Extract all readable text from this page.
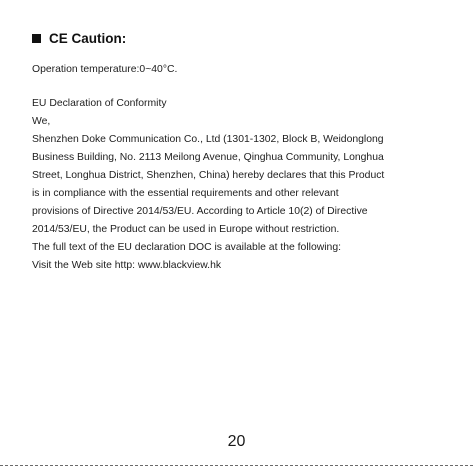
CE Caution:
Operation temperature:0~40°C.
EU Declaration of Conformity
We,
Shenzhen Doke Communication Co., Ltd (1301-1302, Block B, Weidonglong
Business Building, No. 2113 Meilong Avenue, Qinghua Community, Longhua
Street, Longhua District, Shenzhen, China) hereby declares that this Product
is in compliance with the essential requirements and other relevant
provisions of Directive 2014/53/EU. According to Article 10(2) of Directive
2014/53/EU, the Product can be used in Europe without restriction.
The full text of the EU declaration DOC is available at the following:
Visit the Web site http: www.blackview.hk
20
